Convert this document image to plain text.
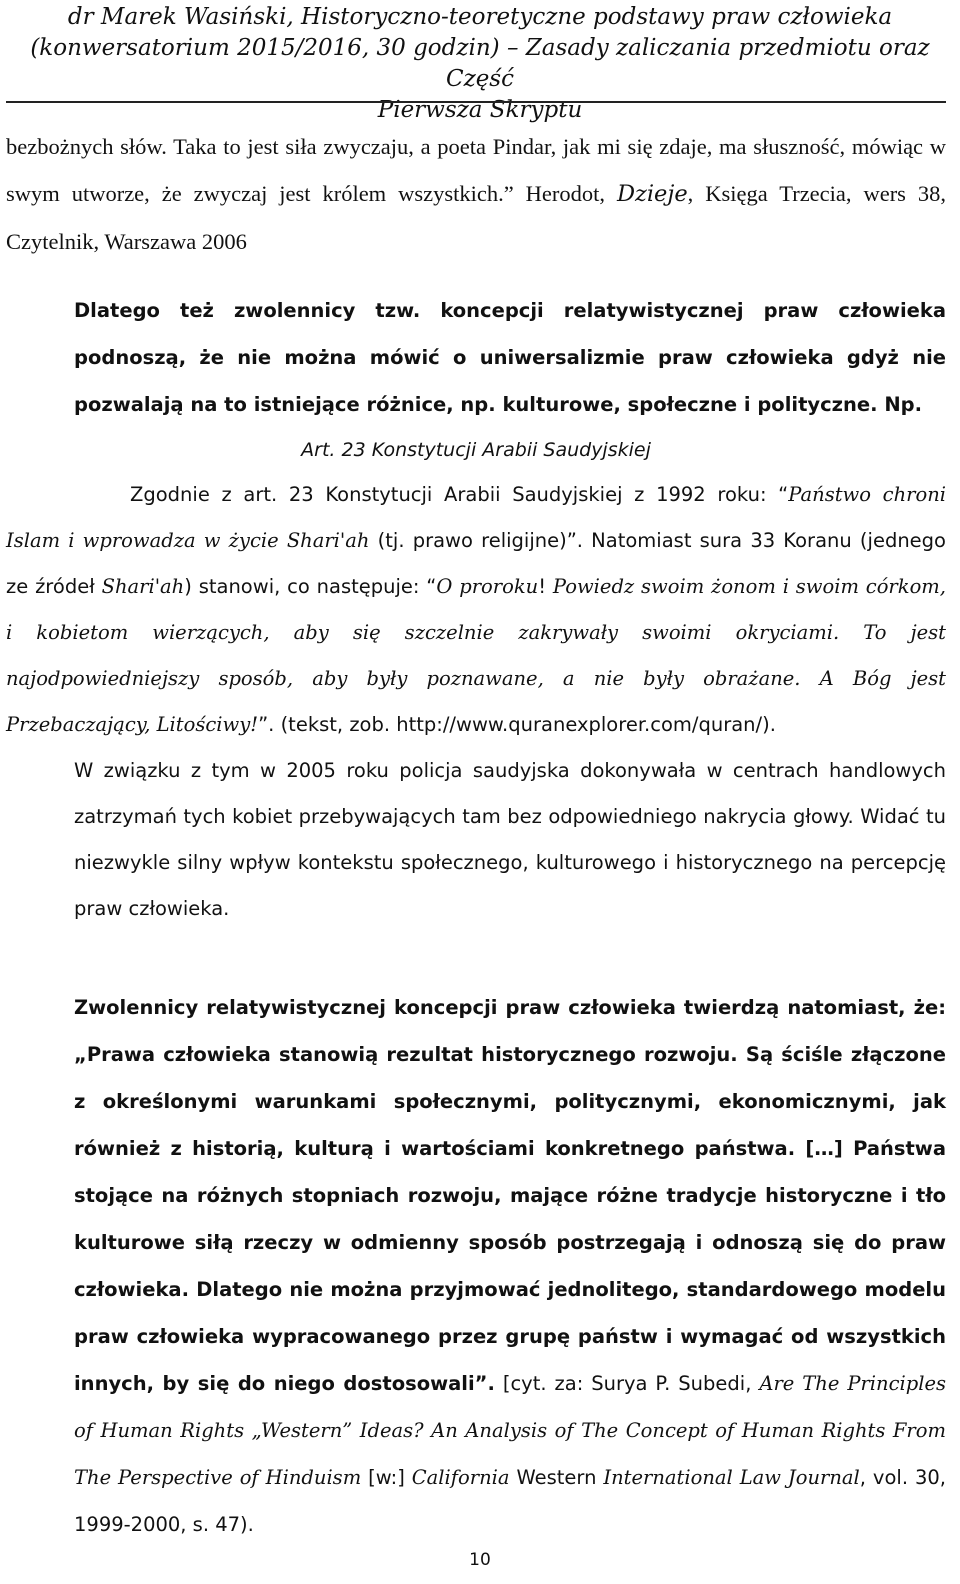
dr Marek Wasiński, Historyczno-teoretyczne podstawy praw człowieka
(konwersatorium 2015/2016, 30 godzin) – Zasady zaliczania przedmiotu oraz Część
Pierwsza Skryptu

bezbożnych słów. Taka to jest siła zwyczaju, a poeta Pindar, jak mi się zdaje, ma słuszność, mówiąc w swym utworze, że zwyczaj jest królem wszystkich.” Herodot, Dzieje, Księga Trzecia, wers 38, Czytelnik, Warszawa 2006

Dlatego też zwolennicy tzw. koncepcji relatywistycznej praw człowieka podnoszą, że nie można mówić o uniwersalizmie praw człowieka gdyż nie pozwalają na to istniejące różnice, np. kulturowe, społeczne i polityczne. Np.

Art. 23 Konstytucji Arabii Saudyjskiej

Zgodnie z art. 23 Konstytucji Arabii Saudyjskiej z 1992 roku: “Państwo chroni Islam i wprowadza w życie Shari'ah (tj. prawo religijne)”. Natomiast sura 33 Koranu (jednego ze źródeł Shari'ah) stanowi, co następuje: “O proroku! Powiedz swoim żonom i swoim córkom, i kobietom wierzących, aby się szczelnie zakrywały swoimi okryciami. To jest najodpowiedniejszy sposób, aby były poznawane, a nie były obrażane. A Bóg jest Przebaczający, Litościwy!”. (tekst, zob. http://www.quranexplorer.com/quran/).

W związku z tym w 2005 roku policja saudyjska dokonywała w centrach handlowych zatrzymań tych kobiet przebywających tam bez odpowiedniego nakrycia głowy. Widać tu niezwykle silny wpływ kontekstu społecznego, kulturowego i historycznego na percepcję praw człowieka.

Zwolennicy relatywistycznej koncepcji praw człowieka twierdzą natomiast, że: „Prawa człowieka stanowią rezultat historycznego rozwoju. Są ściśle złączone z określonymi warunkami społecznymi, politycznymi, ekonomicznymi, jak również z historią, kulturą i wartościami konkretnego państwa. […] Państwa stojące na różnych stopniach rozwoju, mające różne tradycje historyczne i tło kulturowe siłą rzeczy w odmienny sposób postrzegają i odnoszą się do praw człowieka. Dlatego nie można przyjmować jednolitego, standardowego modelu praw człowieka wypracowanego przez grupę państw i wymagać od wszystkich innych, by się do niego dostosowali”. [cyt. za: Surya P. Subedi, Are The Principles of Human Rights „Western” Ideas? An Analysis of The Concept of Human Rights From The Perspective of Hinduism [w:] California Western International Law Journal, vol. 30, 1999-2000, s. 47).

10
